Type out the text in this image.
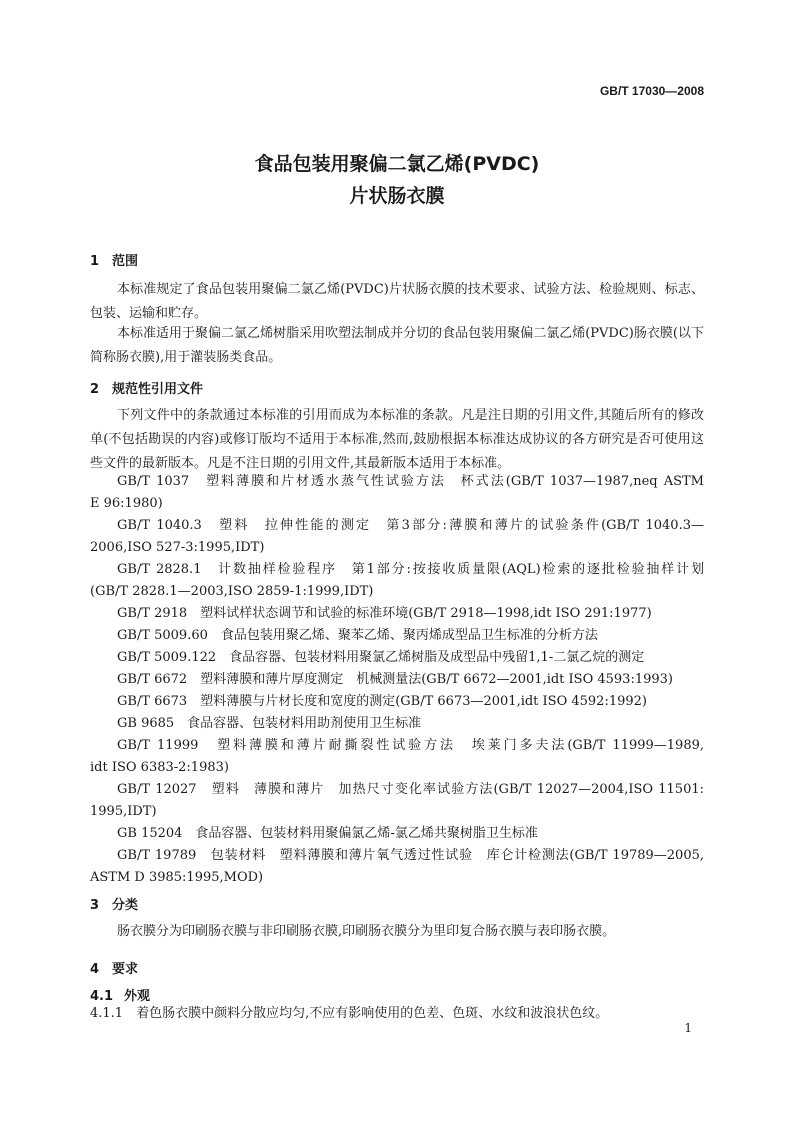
GB/T 17030—2008
食品包装用聚偏二氯乙烯(PVDC)
片状肠衣膜
1 范围
本标准规定了食品包装用聚偏二氯乙烯(PVDC)片状肠衣膜的技术要求、试验方法、检验规则、标志、包装、运输和贮存。
本标准适用于聚偏二氯乙烯树脂采用吹塑法制成并分切的食品包装用聚偏二氯乙烯(PVDC)肠衣膜(以下简称肠衣膜),用于灌装肠类食品。
2 规范性引用文件
下列文件中的条款通过本标准的引用而成为本标准的条款。凡是注日期的引用文件,其随后所有的修改单(不包括勘误的内容)或修订版均不适用于本标准,然而,鼓励根据本标准达成协议的各方研究是否可使用这些文件的最新版本。凡是不注日期的引用文件,其最新版本适用于本标准。
GB/T 1037　塑料薄膜和片材透水蒸气性试验方法　杯式法(GB/T 1037—1987,neq ASTM
E 96:1980)
GB/T 1040.3　塑料　拉伸性能的测定　第3部分:薄膜和薄片的试验条件(GB/T 1040.3—
2006,ISO 527-3:1995,IDT)
GB/T 2828.1　计数抽样检验程序　第1部分:按接收质量限(AQL)检索的逐批检验抽样计划
(GB/T 2828.1—2003,ISO 2859-1:1999,IDT)
GB/T 2918　塑料试样状态调节和试验的标准环境(GB/T 2918—1998,idt ISO 291:1977)
GB/T 5009.60　食品包装用聚乙烯、聚苯乙烯、聚丙烯成型品卫生标准的分析方法
GB/T 5009.122　食品容器、包装材料用聚氯乙烯树脂及成型品中残留1,1-二氯乙烷的测定
GB/T 6672　塑料薄膜和薄片厚度测定　机械测量法(GB/T 6672—2001,idt ISO 4593:1993)
GB/T 6673　塑料薄膜与片材长度和宽度的测定(GB/T 6673—2001,idt ISO 4592:1992)
GB 9685　食品容器、包装材料用助剂使用卫生标准
GB/T 11999　塑料薄膜和薄片耐撕裂性试验方法　埃莱门多夫法(GB/T 11999—1989,
idt ISO 6383-2:1983)
GB/T 12027　塑料　薄膜和薄片　加热尺寸变化率试验方法(GB/T 12027—2004,ISO 11501:
1995,IDT)
GB 15204　食品容器、包装材料用聚偏氯乙烯-氯乙烯共聚树脂卫生标准
GB/T 19789　包装材料　塑料薄膜和薄片氧气透过性试验　库仑计检测法(GB/T 19789—2005,
ASTM D 3985:1995,MOD)
3 分类
肠衣膜分为印刷肠衣膜与非印刷肠衣膜,印刷肠衣膜分为里印复合肠衣膜与表印肠衣膜。
4 要求
4.1 外观
4.1.1　着色肠衣膜中颜料分散应均匀,不应有影响使用的色差、色斑、水纹和波浪状色纹。
1
